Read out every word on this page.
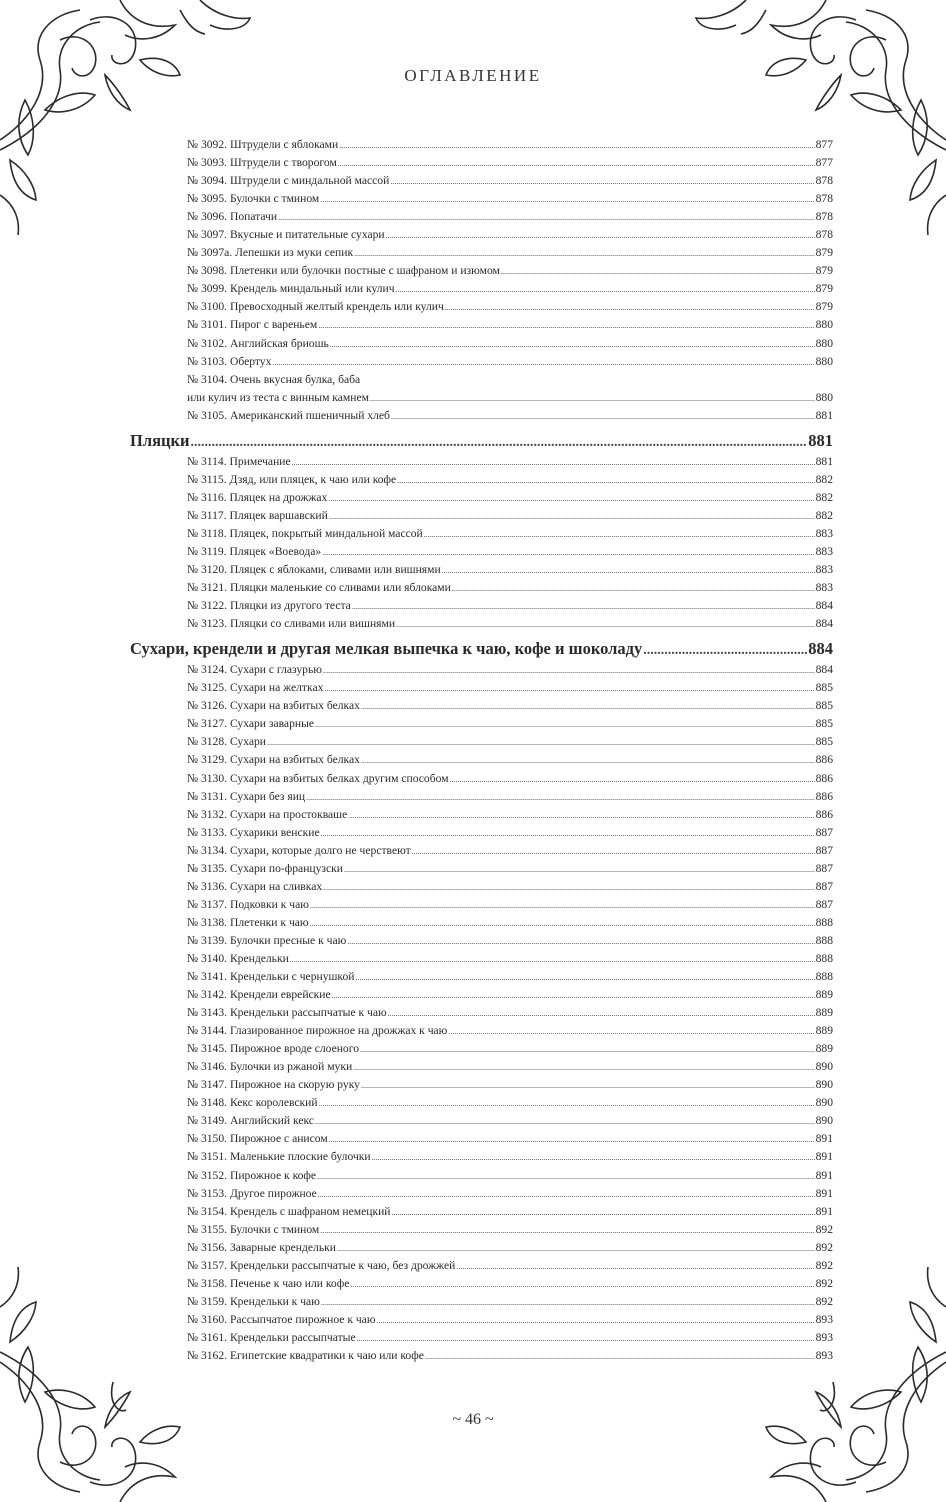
ОГЛАВЛЕНИЕ
№ 3092. Штрудели с яблоками .....	877
№ 3093. Штрудели с творогом .....	877
№ 3094. Штрудели с миндальной массой .....	878
№ 3095. Булочки с тмином .....	878
№ 3096. Попатачи .....	878
№ 3097. Вкусные и питательные сухари .....	878
№ 3097а. Лепешки из муки сепик .....	879
№ 3098. Плетенки или булочки постные с шафраном и изюмом .....	879
№ 3099. Крендель миндальный или кулич .....	879
№ 3100. Превосходный желтый крендель или кулич .....	879
№ 3101. Пирог с вареньем .....	880
№ 3102. Английская бриошь .....	880
№ 3103. Обертух .....	880
№ 3104. Очень вкусная булка, баба
или кулич из теста с винным камнем .....	880
№ 3105. Американский пшеничный хлеб .....	881
Пляцки .....	881
№ 3114. Примечание .....	881
№ 3115. Дзяд, или пляцек, к чаю или кофе .....	882
№ 3116. Пляцек на дрожжах .....	882
№ 3117. Пляцек варшавский .....	882
№ 3118. Пляцек, покрытый миндальной массой .....	883
№ 3119. Пляцек «Воевода» .....	883
№ 3120. Пляцек с яблоками, сливами или вишнями .....	883
№ 3121. Пляцки маленькие со сливами или яблоками .....	883
№ 3122. Пляцки из другого теста .....	884
№ 3123. Пляцки со сливами или вишнями .....	884
Сухари, крендели и другая мелкая выпечка к чаю, кофе и шоколаду .....	884
№ 3124. Сухари с глазурью .....	884
№ 3125. Сухари на желтках .....	885
№ 3126. Сухари на взбитых белках .....	885
№ 3127. Сухари заварные .....	885
№ 3128. Сухари .....	885
№ 3129. Сухари на взбитых белках .....	886
№ 3130. Сухари на взбитых белках другим способом .....	886
№ 3131. Сухари без яиц .....	886
№ 3132. Сухари на простокваше .....	886
№ 3133. Сухарики венские .....	887
№ 3134. Сухари, которые долго не черствеют .....	887
№ 3135. Сухари по-французски .....	887
№ 3136. Сухари на сливках .....	887
№ 3137. Подковки к чаю .....	887
№ 3138. Плетенки к чаю .....	888
№ 3139. Булочки пресные к чаю .....	888
№ 3140. Крендельки .....	888
№ 3141. Крендельки с чернушкой .....	888
№ 3142. Крендели еврейские .....	889
№ 3143. Крендельки рассыпчатые к чаю .....	889
№ 3144. Глазированное пирожное на дрожжах к чаю .....	889
№ 3145. Пирожное вроде слоеного .....	889
№ 3146. Булочки из ржаной муки .....	890
№ 3147. Пирожное на скорую руку .....	890
№ 3148. Кекс королевский .....	890
№ 3149. Английский кекс .....	890
№ 3150. Пирожное с анисом .....	891
№ 3151. Маленькие плоские булочки .....	891
№ 3152. Пирожное к кофе .....	891
№ 3153. Другое пирожное .....	891
№ 3154. Крендель с шафраном немецкий .....	891
№ 3155. Булочки с тмином .....	892
№ 3156. Заварные крендельки .....	892
№ 3157. Крендельки рассыпчатые к чаю, без дрожжей .....	892
№ 3158. Печенье к чаю или кофе .....	892
№ 3159. Крендельки к чаю .....	892
№ 3160. Рассыпчатое пирожное к чаю .....	893
№ 3161. Крендельки рассыпчатые .....	893
№ 3162. Египетские квадратики к чаю или кофе .....	893
~ 46 ~
